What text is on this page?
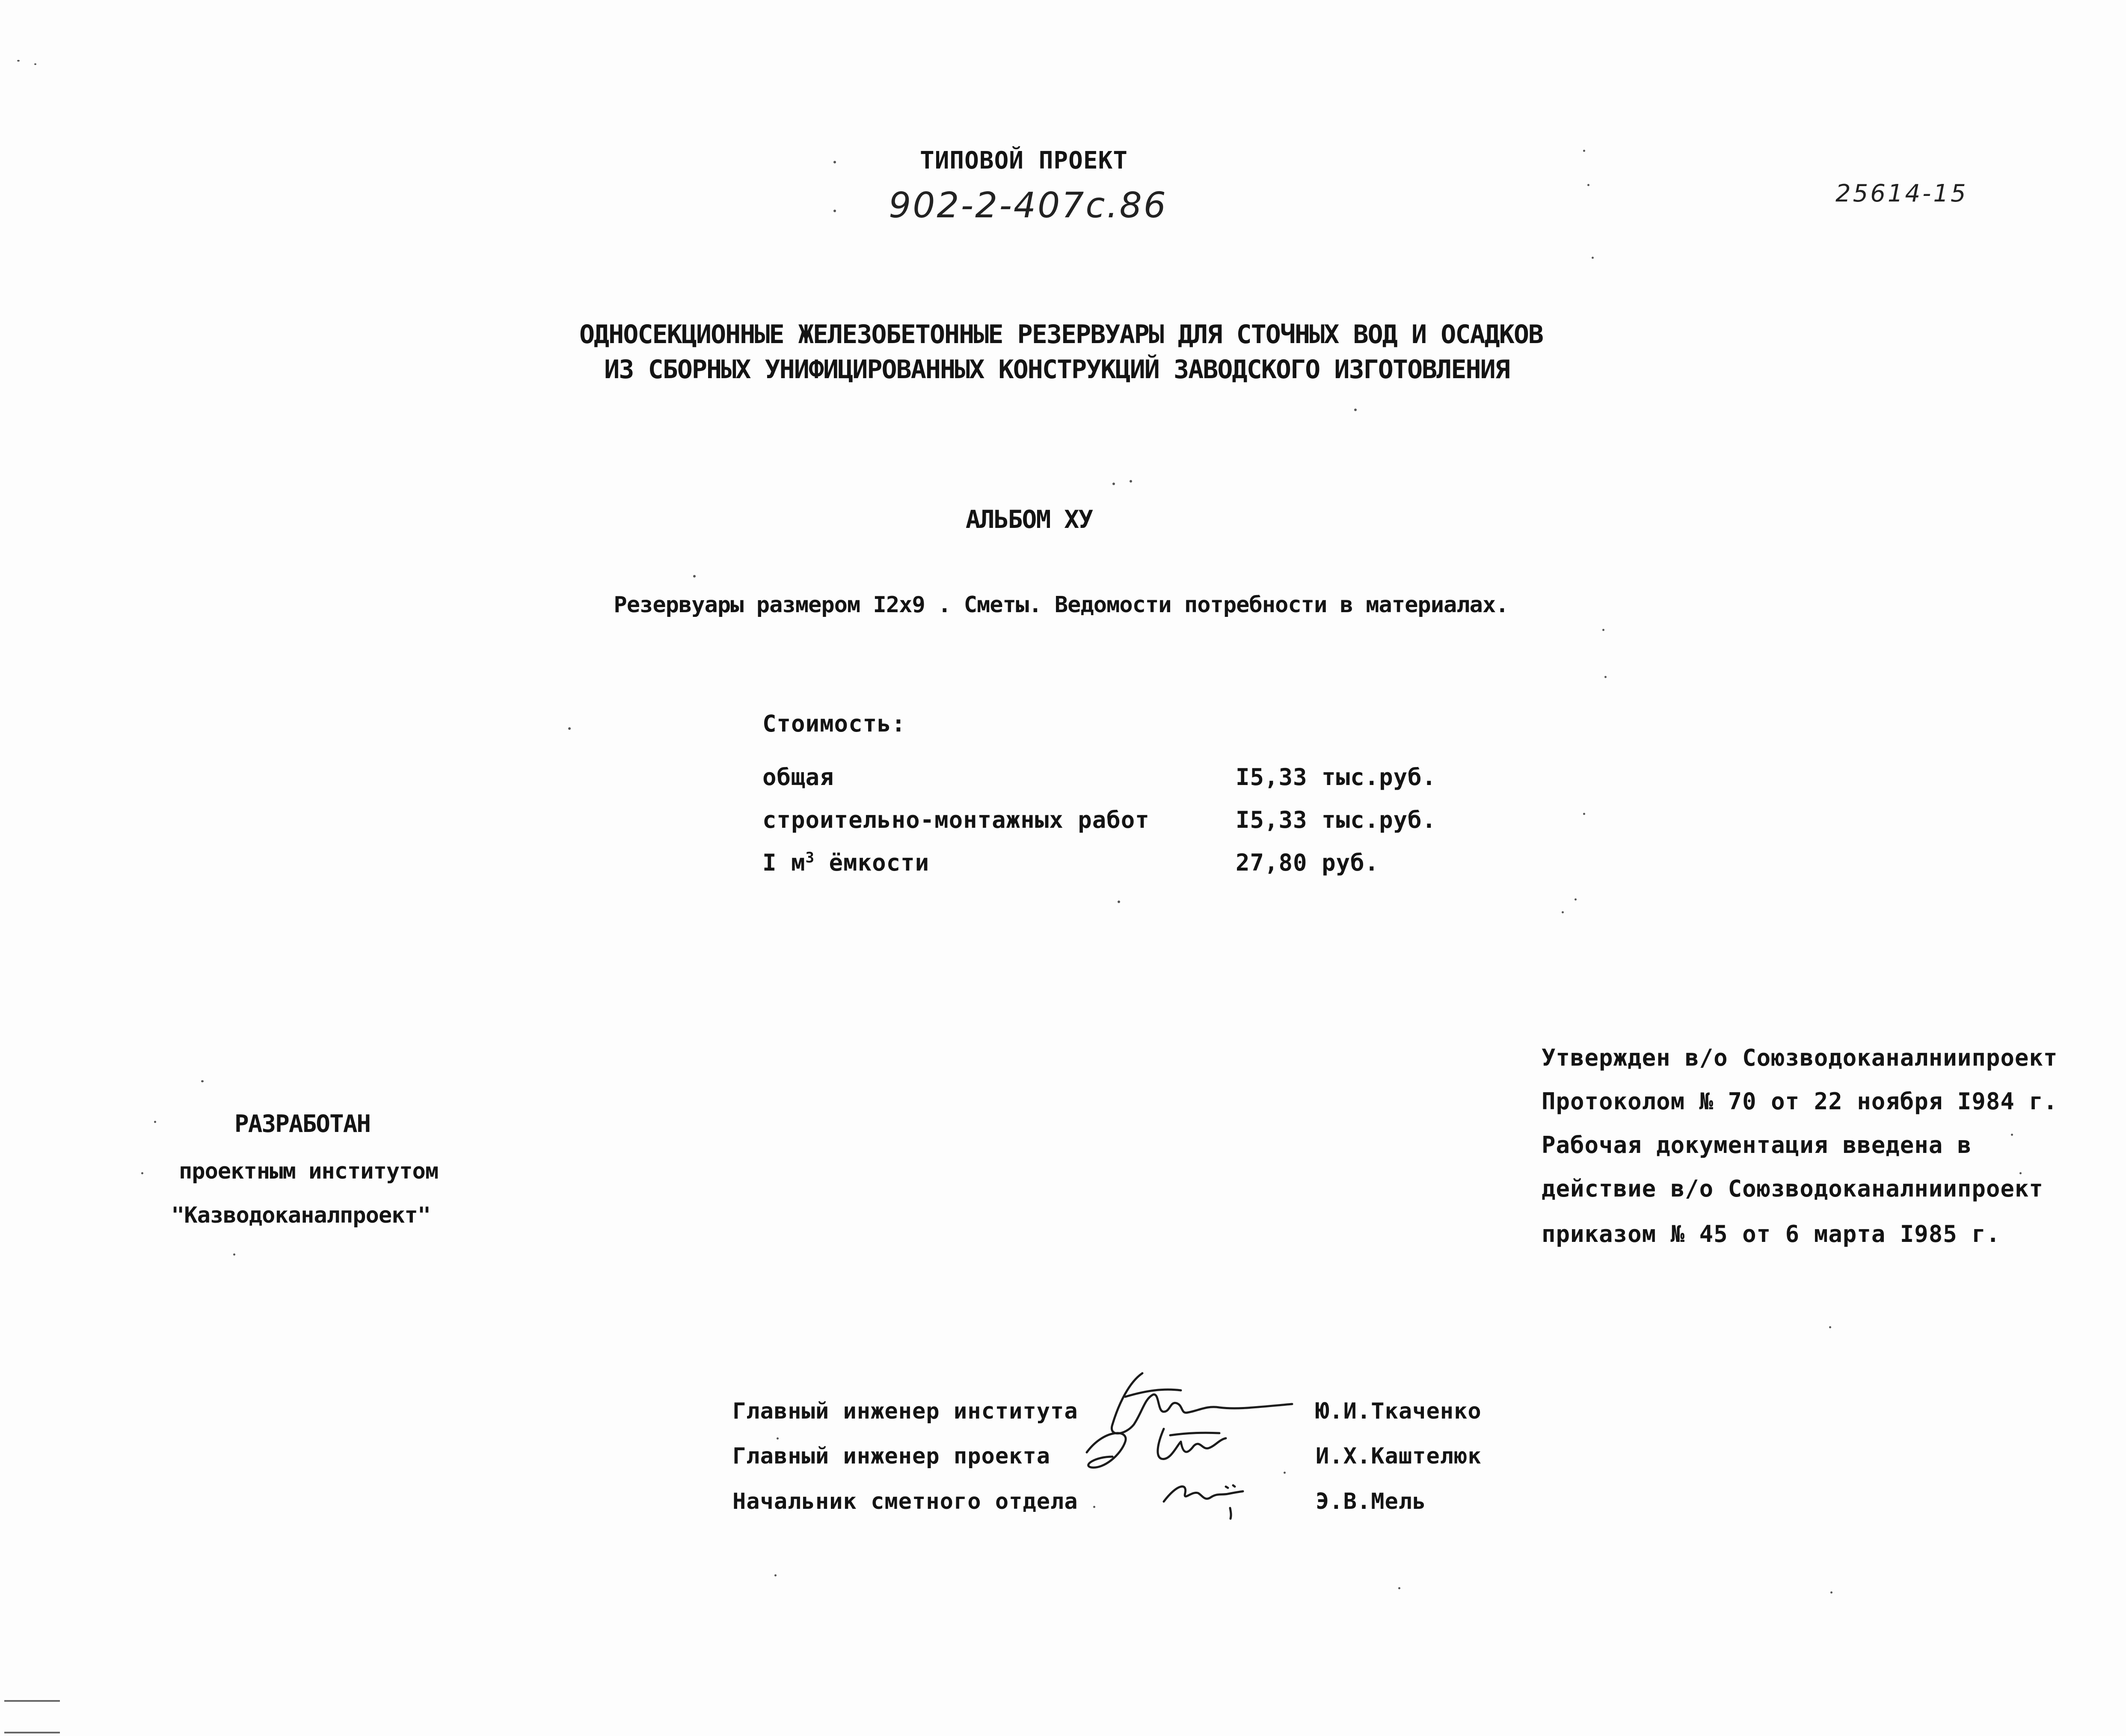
ТИПОВОЙ ПРОЕКТ
902-2-407с.86	25614-15
ОДНОСЕКЦИОННЫЕ ЖЕЛЕЗОБЕТОННЫЕ РЕЗЕРВУАРЫ ДЛЯ СТОЧНЫХ ВОД И ОСАДКОВ
ИЗ СБОРНЫХ УНИФИЦИРОВАННЫХ КОНСТРУКЦИЙ ЗАВОДСКОГО ИЗГОТОВЛЕНИЯ
АЛЬБОМ ХУ
Резервуары размером I2х9 . Сметы. Ведомости потребности в материалах.
Стоимость:
общая	I5,33 тыс.руб.
строительно-монтажных работ	I5,33 тыс.руб.
I $м^3$ ёмкости	27,80 руб.
РАЗРАБОТАН
проектным институтом
"Казводоканалпроект"
Утвержден в/о Союзводоканалниипроект
Протоколом № 70 от 22 ноября I984 г.
Рабочая документация введена в
действие в/о Союзводоканалниипроект
приказом № 45 от 6 марта I985 г.
Главный инженер института	Ю.И.Ткаченко
Главный инженер проекта	И.Х.Каштелюк
Начальник сметного отдела	Э.В.Мель
